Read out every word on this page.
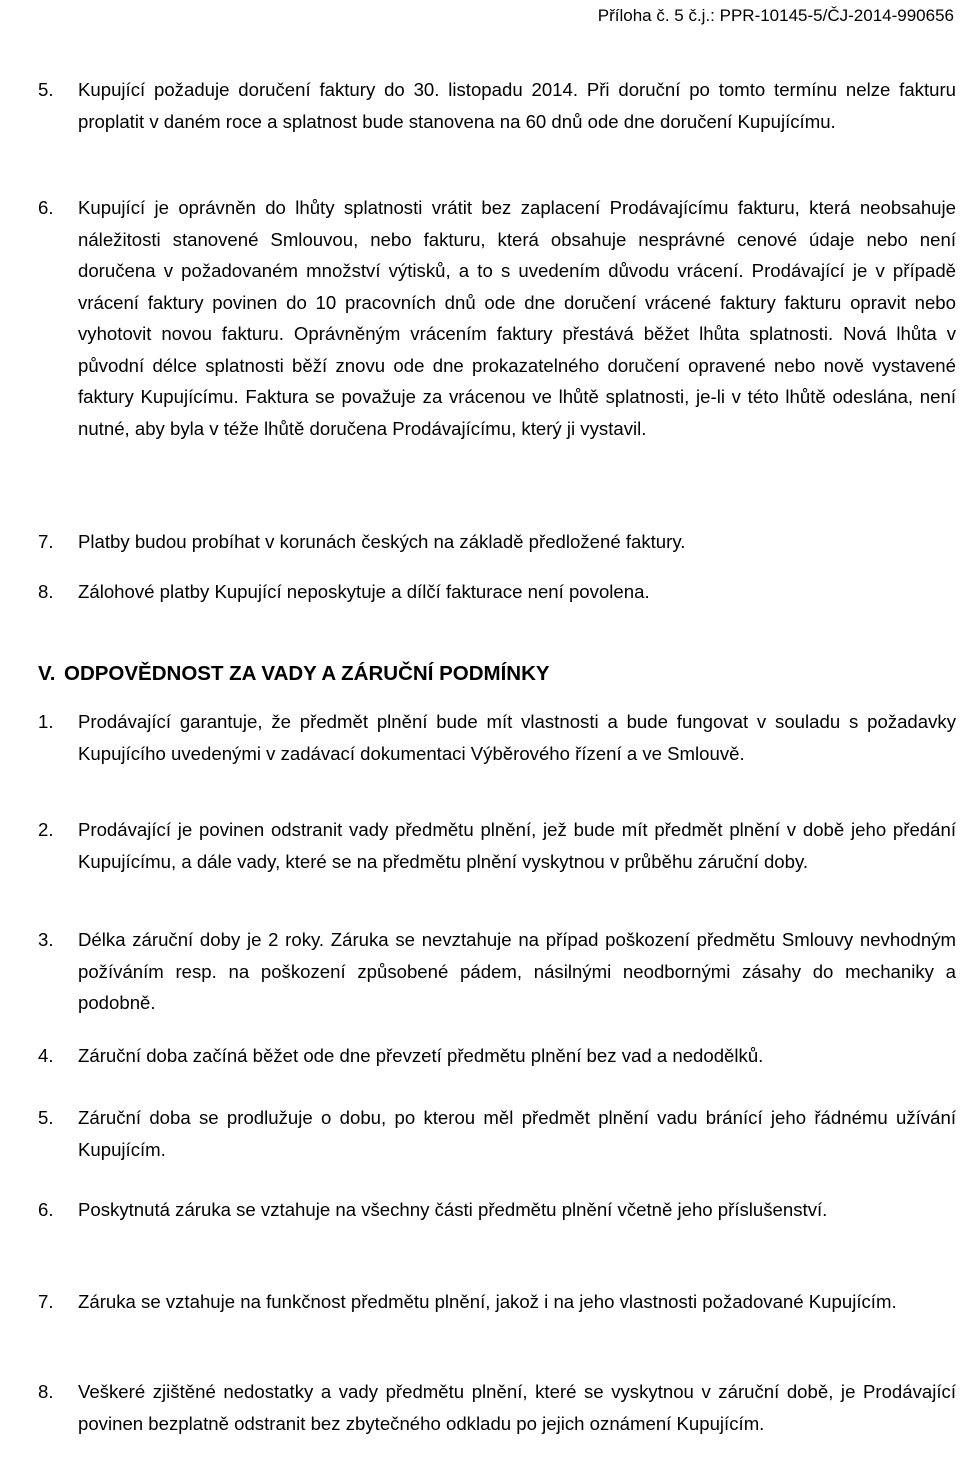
Příloha č. 5 č.j.: PPR-10145-5/ČJ-2014-990656
5.	Kupující požaduje doručení faktury do 30. listopadu 2014. Při doruční po tomto termínu nelze fakturu proplatit v daném roce a splatnost bude stanovena na 60 dnů ode dne doručení Kupujícímu.
6.	Kupující je oprávněn do lhůty splatnosti vrátit bez zaplacení Prodávajícímu fakturu, která neobsahuje náležitosti stanovené Smlouvou, nebo fakturu, která obsahuje nesprávné cenové údaje nebo není doručena v požadovaném množství výtisků, a to s uvedením důvodu vrácení. Prodávající je v případě vrácení faktury povinen do 10 pracovních dnů ode dne doručení vrácené faktury fakturu opravit nebo vyhotovit novou fakturu. Oprávněným vrácením faktury přestává běžet lhůta splatnosti. Nová lhůta v původní délce splatnosti běží znovu ode dne prokazatelného doručení opravené nebo nově vystavené faktury Kupujícímu. Faktura se považuje za vrácenou ve lhůtě splatnosti, je-li v této lhůtě odeslána, není nutné, aby byla v téže lhůtě doručena Prodávajícímu, který ji vystavil.
7.	Platby budou probíhat v korunách českých na základě předložené faktury.
8.	Zálohové platby Kupující neposkytuje a dílčí fakturace není povolena.
V. ODPOVĚDNOST ZA VADY A ZÁRUČNÍ PODMÍNKY
1.	Prodávající garantuje, že předmět plnění bude mít vlastnosti a bude fungovat v souladu s požadavky Kupujícího uvedenými v zadávací dokumentaci Výběrového řízení a ve Smlouvě.
2.	Prodávající je povinen odstranit vady předmětu plnění, jež bude mít předmět plnění v době jeho předání Kupujícímu, a dále vady, které se na předmětu plnění vyskytnou v průběhu záruční doby.
3.	Délka záruční doby je 2 roky. Záruka se nevztahuje na případ poškození předmětu Smlouvy nevhodným požíváním resp. na poškození způsobené pádem, násilnými neodbornými zásahy do mechaniky a podobně.
4.	Záruční doba začíná běžet ode dne převzetí předmětu plnění bez vad a nedodělků.
5.	Záruční doba se prodlužuje o dobu, po kterou měl předmět plnění vadu bránící jeho řádnému užívání Kupujícím.
6.	Poskytnutá záruka se vztahuje na všechny části předmětu plnění včetně jeho příslušenství.
7.	Záruka se vztahuje na funkčnost předmětu plnění, jakož i na jeho vlastnosti požadované Kupujícím.
8.	Veškeré zjištěné nedostatky a vady předmětu plnění, které se vyskytnou v záruční době, je Prodávající povinen bezplatně odstranit bez zbytečného odkladu po jejich oznámení Kupujícím.
